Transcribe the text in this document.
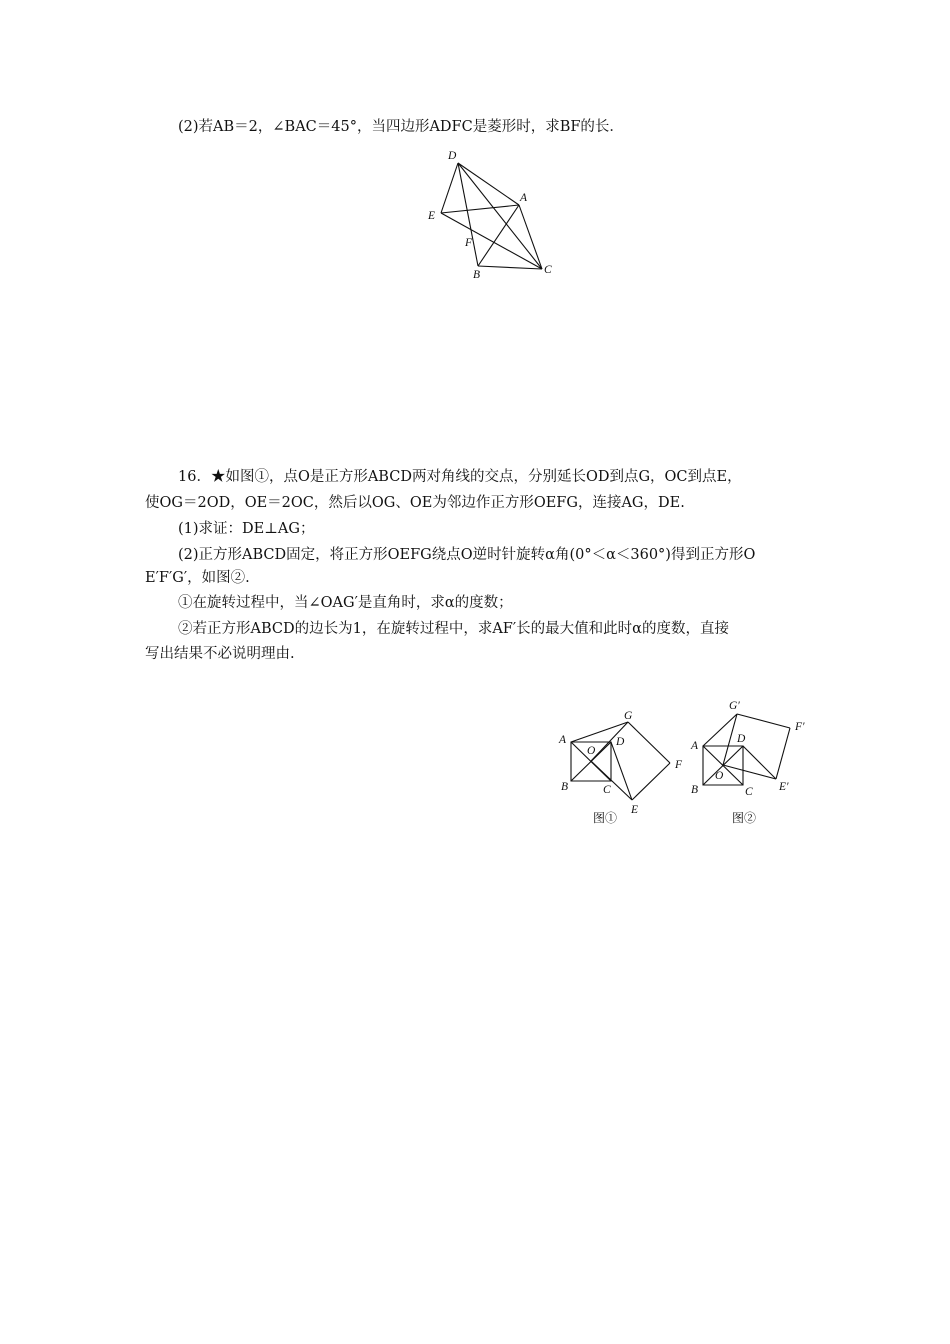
(2)若AB＝2，∠BAC＝45°，当四边形ADFC是菱形时，求BF的长．
D
A
E
F
B	C
16．★如图①，点O是正方形ABCD两对角线的交点，分别延长OD到点G，OC到点E，
使OG＝2OD，OE＝2OC，然后以OG、OE为邻边作正方形OEFG，连接AG，DE.
(1)求证：DE⊥AG；
(2)正方形ABCD固定，将正方形OEFG绕点O逆时针旋转α角(0°＜α＜360°)得到正方形O
E′F′G′，如图②.
①在旋转过程中，当∠OAG′是直角时，求α的度数；
②若正方形ABCD的边长为1，在旋转过程中，求AF′长的最大值和此时α的度数，直接
写出结果不必说明理由.
A
O
D
G
F
B	C
E
图①
G′
F′
A
D
O
B	C E′
图②
